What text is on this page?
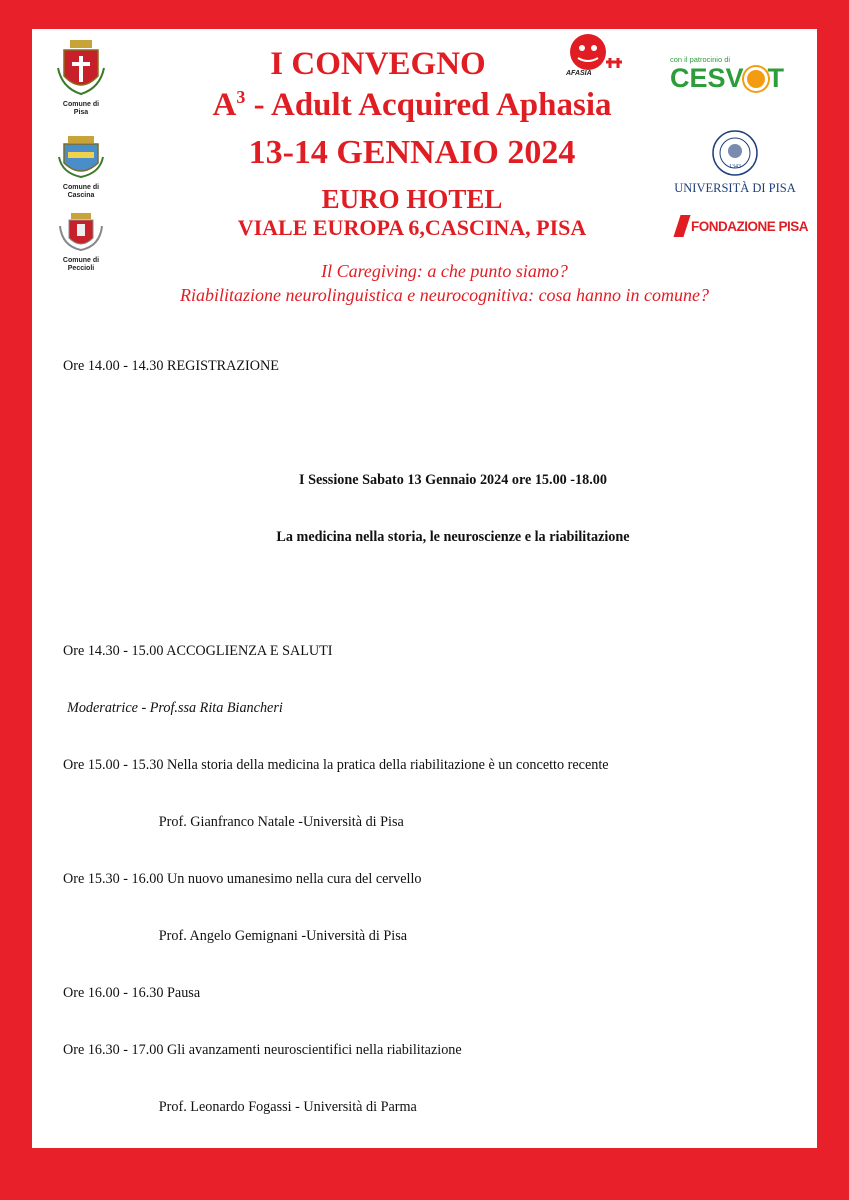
Comune di
Pisa
Comune di
Cascina
Comune di
Peccioli
I CONVEGNO	AFASIA
$A^3$ - Adult Acquired Aphasia
13-14 GENNAIO 2024
EURO HOTEL
VIALE EUROPA 6,CASCINA, PISA
con il patrocinio di
CESV T
1343
UNIVERSITÀ DI PISA
FONDAZIONE PISA
Il Caregiving: a che punto siamo?
Riabilitazione neurolinguistica e neurocognitiva: cosa hanno in comune?

Ore 14.00 - 14.30 REGISTRAZIONE

I Sessione Sabato 13 Gennaio 2024 ore 15.00 -18.00

La medicina nella storia, le neuroscienze e la riabilitazione

Ore 14.30 - 15.00 ACCOGLIENZA E SALUTI

Moderatrice - Prof.ssa Rita Biancheri

Ore 15.00 - 15.30 Nella storia della medicina la pratica della riabilitazione è un concetto recente

Prof. Gianfranco Natale -Università di Pisa

Ore 15.30 - 16.00 Un nuovo umanesimo nella cura del cervello

Prof. Angelo Gemignani -Università di Pisa

Ore 16.00 - 16.30 Pausa

Ore 16.30 - 17.00 Gli avanzamenti neuroscientifici nella riabilitazione

Prof. Leonardo Fogassi - Università di Parma
